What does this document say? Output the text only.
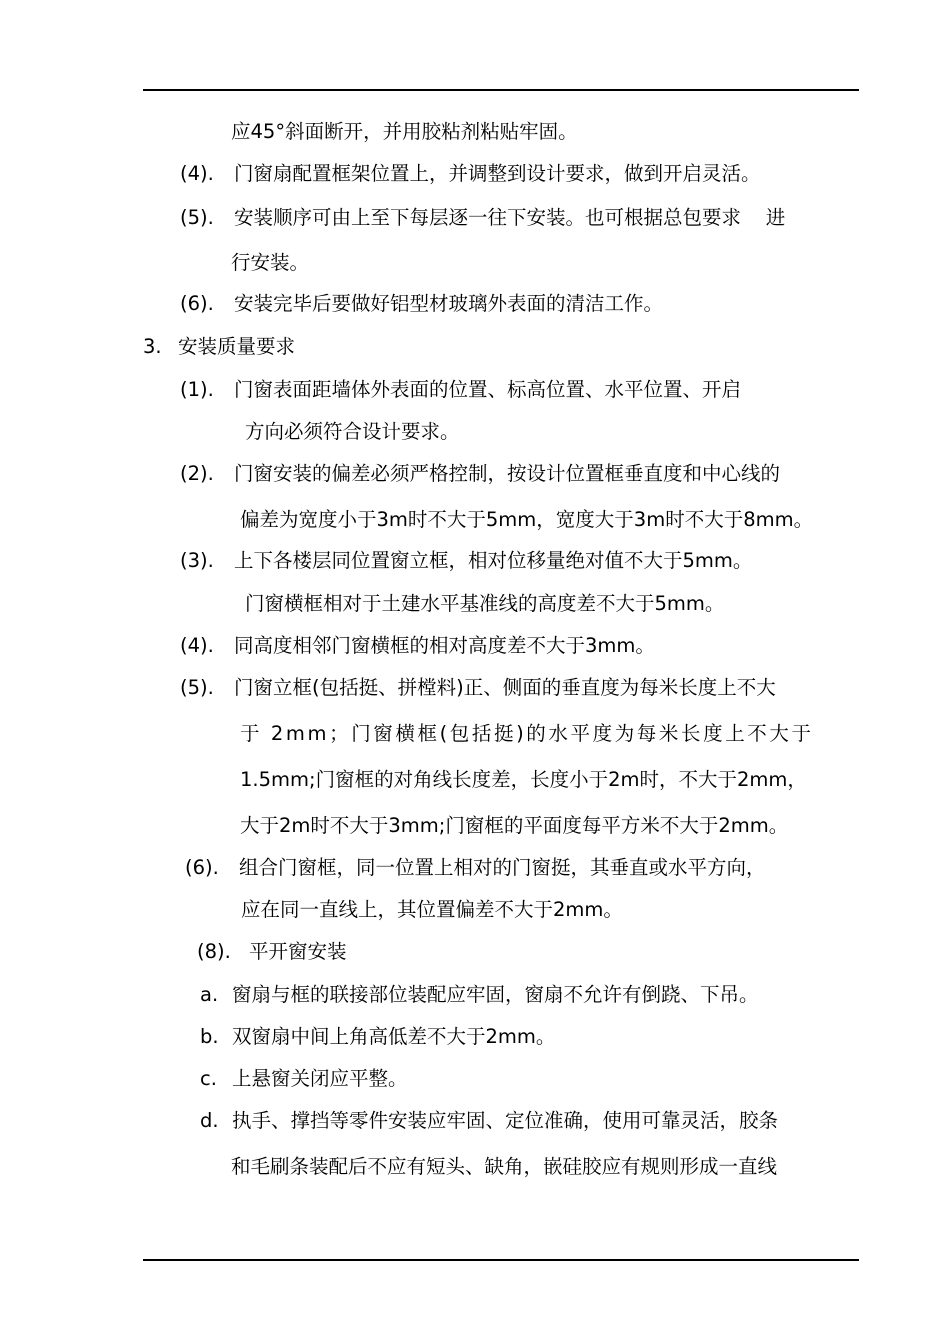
应45°斜面断开，并用胶粘剂粘贴牢固。
(4). 门窗扇配置框架位置上，并调整到设计要求，做到开启灵活。
(5). 安装顺序可由上至下每层逐一往下安装。也可根据总包要求    进
行安装。
(6). 安装完毕后要做好铝型材玻璃外表面的清洁工作。
3. 安装质量要求
(1). 门窗表面距墙体外表面的位置、标高位置、水平位置、开启
方向必须符合设计要求。
(2). 门窗安装的偏差必须严格控制，按设计位置框垂直度和中心线的
偏差为宽度小于3m时不大于5mm，宽度大于3m时不大于8mm。
(3). 上下各楼层同位置窗立框，相对位移量绝对值不大于5mm。
门窗横框相对于土建水平基准线的高度差不大于5mm。
(4). 同高度相邻门窗横框的相对高度差不大于3mm。
(5). 门窗立框(包括挺、拼樘料)正、侧面的垂直度为每米长度上不大
于 2mm；门窗横框(包括挺)的水平度为每米长度上不大于
1.5mm;门窗框的对角线长度差，长度小于2m时，不大于2mm，
大于2m时不大于3mm;门窗框的平面度每平方米不大于2mm。
(6). 组合门窗框，同一位置上相对的门窗挺，其垂直或水平方向，
应在同一直线上，其位置偏差不大于2mm。
(8). 平开窗安装
a. 窗扇与框的联接部位装配应牢固，窗扇不允许有倒跷、下吊。
b. 双窗扇中间上角高低差不大于2mm。
c. 上悬窗关闭应平整。
d. 执手、撑挡等零件安装应牢固、定位准确，使用可靠灵活，胶条
和毛刷条装配后不应有短头、缺角，嵌硅胶应有规则形成一直线
